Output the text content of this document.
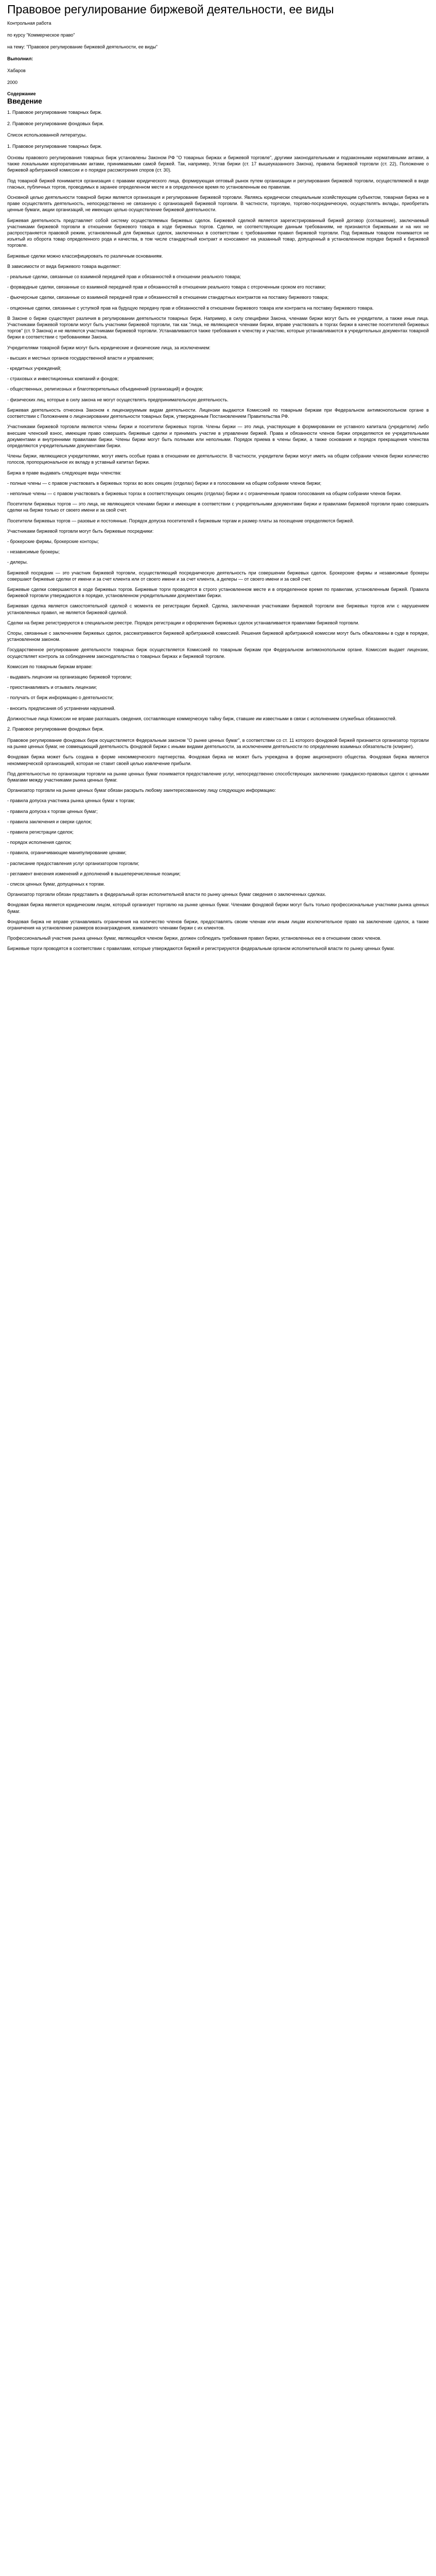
Правовое регулирование биржевой деятельности, ее виды
Контрольная работа
по курсу "Коммерческое право"
на тему: "Правовое регулирование биржевой деятельности, ее виды"
Выполнил:
Хабаров
2000
Содержание
Введение
1. Правовое регулирование товарных бирж.
2. Правовое регулирование фондовых бирж.
Список использованной литературы.
1. Правовое регулирование товарных бирж.

Основы правового регулирования товарных бирж установлены Законом РФ "О товарных биржах и биржевой торговле", другими законодательными и подзаконными нормативными актами, а также локальными корпоративными актами, принимаемыми самой биржей. Так, например, Устав биржи (ст. 17 вышеуказанного Закона), правила биржевой торговли (ст. 22), Положение о биржевой арбитражной комиссии и о порядке рассмотрения споров (ст. 30).

Под товарной биржей понимается организация с правами юридического лица, формирующая оптовый рынок путем организации и регулирования биржевой торговли, осуществляемой в виде гласных, публичных торгов, проводимых в заранее определенном месте и в определенное время по установленным ею правилам.

Основной целью деятельности товарной биржи является организация и регулирование биржевой торговли. Являясь юридически специальным хозяйствующим субъектом, товарная биржа не в праве осуществлять деятельность, непосредственно не связанную с организацией биржевой торговли. В частности, торговую, торгово-посредническую, осуществлять вклады, приобретать ценные бумаги, акции организаций, не имеющих целью осуществление биржевой деятельности.

Биржевая деятельность представляет собой систему осуществляемых биржевых сделок. Биржевой сделкой является зарегистрированный биржей договор (соглашение), заключаемый участниками биржевой торговли в отношении биржевого товара в ходе биржевых торгов. Сделки, не соответствующие данным требованиям, не признаются биржевыми и на них не распространяется правовой режим, установленный для биржевых сделок, заключенных в соответствии с требованиями правил биржевой торговли. Под биржевым товаром понимается не изъятый из оборота товар определенного рода и качества, в том числе стандартный контракт и коносамент на указанный товар, допущенный в установленном порядке биржей к биржевой торговле.

Биржевые сделки можно классифицировать по различным основаниям.

В зависимости от вида биржевого товара выделяют:

- реальные сделки, связанные со взаимной передачей прав и обязанностей в отношении реального товара;

- форвардные сделки, связанные со взаимной передачей прав и обязанностей в отношении реального товара с отсроченным сроком его поставки;

- фьючерсные сделки, связанные со взаимной передачей прав и обязанностей в отношении стандартных контрактов на поставку биржевого товара;

- опционные сделки, связанные с уступкой прав на будущую передачу прав и обязанностей в отношении биржевого товара или контракта на поставку биржевого товара.

В Законе о бирже существуют различия в регулировании деятельности товарных бирж. Например, в силу специфики Закона, членами биржи могут быть ее учредители, а также иные лица. Участниками биржевой торговли могут быть участники биржевой торговли, так как "лица, не являющиеся членами биржи, вправе участвовать в торгах биржи в качестве посетителей биржевых торгов" (ст. 9 Закона) и не являются участниками биржевой торговли. Устанавливаются также требования к членству и участию, которые устанавливаются в учредительных документах товарной биржи в соответствии с требованиями Закона.

Учредителями товарной биржи могут быть юридические и физические лица, за исключением:

- высших и местных органов государственной власти и управления;

- кредитных учреждений;

- страховых и инвестиционных компаний и фондов;

- общественных, религиозных и благотворительных объединений (организаций) и фондов;

- физических лиц, которые в силу закона не могут осуществлять предпринимательскую деятельность.

Биржевая деятельность отнесена Законом к лицензируемым видам деятельности. Лицензии выдаются Комиссией по товарным биржам при Федеральном антимонопольном органе в соответствии с Положением о лицензировании деятельности товарных бирж, утвержденным Постановлением Правительства РФ.

Участниками биржевой торговли являются члены биржи и посетители биржевых торгов. Члены биржи — это лица, участвующие в формировании ее уставного капитала (учредители) либо внесшие членский взнос, имеющие право совершать биржевые сделки и принимать участие в управлении биржей. Права и обязанности членов биржи определяются ее учредительными документами и внутренними правилами биржи. Члены биржи могут быть полными или неполными. Порядок приема в члены биржи, а также основания и порядок прекращения членства определяются учредительными документами биржи.

Члены биржи, являющиеся учредителями, могут иметь особые права в отношении ее деятельности. В частности, учредители биржи могут иметь на общем собрании членов биржи количество голосов, пропорциональное их вкладу в уставный капитал биржи.

Биржа в праве выдавать следующие виды членства:

- полные члены — с правом участвовать в биржевых торгах во всех секциях (отделах) биржи и в голосовании на общем собрании членов биржи;

- неполные члены — с правом участвовать в биржевых торгах в соответствующих секциях (отделах) биржи и с ограниченным правом голосования на общем собрании членов биржи.

Посетители биржевых торгов — это лица, не являющиеся членами биржи и имеющие в соответствии с учредительными документами биржи и правилами биржевой торговли право совершать сделки на бирже только от своего имени и за свой счет.

Посетители биржевых торгов — разовые и постоянные. Порядок допуска посетителей к биржевым торгам и размер платы за посещение определяются биржей.

Участниками биржевой торговли могут быть биржевые посредники:

- брокерские фирмы, брокерские конторы;

- независимые брокеры;

- дилеры.

Биржевой посредник — это участник биржевой торговли, осуществляющий посредническую деятельность при совершении биржевых сделок. Брокерские фирмы и независимые брокеры совершают биржевые сделки от имени и за счет клиента или от своего имени и за счет клиента, а дилеры — от своего имени и за свой счет.

Биржевые сделки совершаются в ходе биржевых торгов. Биржевые торги проводятся в строго установленном месте и в определенное время по правилам, установленным биржей. Правила биржевой торговли утверждаются в порядке, установленном учредительными документами биржи.

Биржевая сделка является самостоятельной сделкой с момента ее регистрации биржей. Сделка, заключенная участниками биржевой торговли вне биржевых торгов или с нарушением установленных правил, не является биржевой сделкой.

Сделки на бирже регистрируются в специальном реестре. Порядок регистрации и оформления биржевых сделок устанавливается правилами биржевой торговли.

Споры, связанные с заключением биржевых сделок, рассматриваются биржевой арбитражной комиссией. Решения биржевой арбитражной комиссии могут быть обжалованы в суде в порядке, установленном законом.

Государственное регулирование деятельности товарных бирж осуществляется Комиссией по товарным биржам при Федеральном антимонопольном органе. Комиссия выдает лицензии, осуществляет контроль за соблюдением законодательства о товарных биржах и биржевой торговле.

Комиссия по товарным биржам вправе:

- выдавать лицензии на организацию биржевой торговли;

- приостанавливать и отзывать лицензии;

- получать от бирж информацию о деятельности;

- вносить предписания об устранении нарушений.

Должностные лица Комиссии не вправе разглашать сведения, составляющие коммерческую тайну бирж, ставшие им известными в связи с исполнением служебных обязанностей.

2. Правовое регулирование фондовых бирж.

Правовое регулирование фондовых бирж осуществляется Федеральным законом "О рынке ценных бумаг", в соответствии со ст. 11 которого фондовой биржей признается организатор торговли на рынке ценных бумаг, не совмещающий деятельность фондовой биржи с иными видами деятельности, за исключением деятельности по определению взаимных обязательств (клиринг).

Фондовая биржа может быть создана в форме некоммерческого партнерства. Фондовая биржа не может быть учреждена в форме акционерного общества. Фондовая биржа является некоммерческой организацией, которая не ставит своей целью извлечение прибыли.

Под деятельностью по организации торговли на рынке ценных бумаг понимается предоставление услуг, непосредственно способствующих заключению гражданско-правовых сделок с ценными бумагами между участниками рынка ценных бумаг.

Организатор торговли на рынке ценных бумаг обязан раскрыть любому заинтересованному лицу следующую информацию:

- правила допуска участника рынка ценных бумаг к торгам;

- правила допуска к торгам ценных бумаг;

- правила заключения и сверки сделок;

- правила регистрации сделок;

- порядок исполнения сделок;

- правила, ограничивающие манипулирование ценами;

- расписание предоставления услуг организатором торговли;

- регламент внесения изменений и дополнений в вышеперечисленные позиции;

- список ценных бумаг, допущенных к торгам.

Организатор торговли обязан представить в федеральный орган исполнительной власти по рынку ценных бумаг сведения о заключенных сделках.

Фондовая биржа является юридическим лицом, который организует торговлю на рынке ценных бумаг. Членами фондовой биржи могут быть только профессиональные участники рынка ценных бумаг.

Фондовая биржа не вправе устанавливать ограничения на количество членов биржи, предоставлять своим членам или иным лицам исключительное право на заключение сделок, а также ограничения на установление размеров вознаграждения, взимаемого членами биржи с их клиентов.

Профессиональный участник рынка ценных бумаг, являющийся членом биржи, должен соблюдать требования правил биржи, установленных ею в отношении своих членов.

Биржевые торги проводятся в соответствии с правилами, которые утверждаются биржей и регистрируются федеральным органом исполнительной власти по рынку ценных бумаг.
